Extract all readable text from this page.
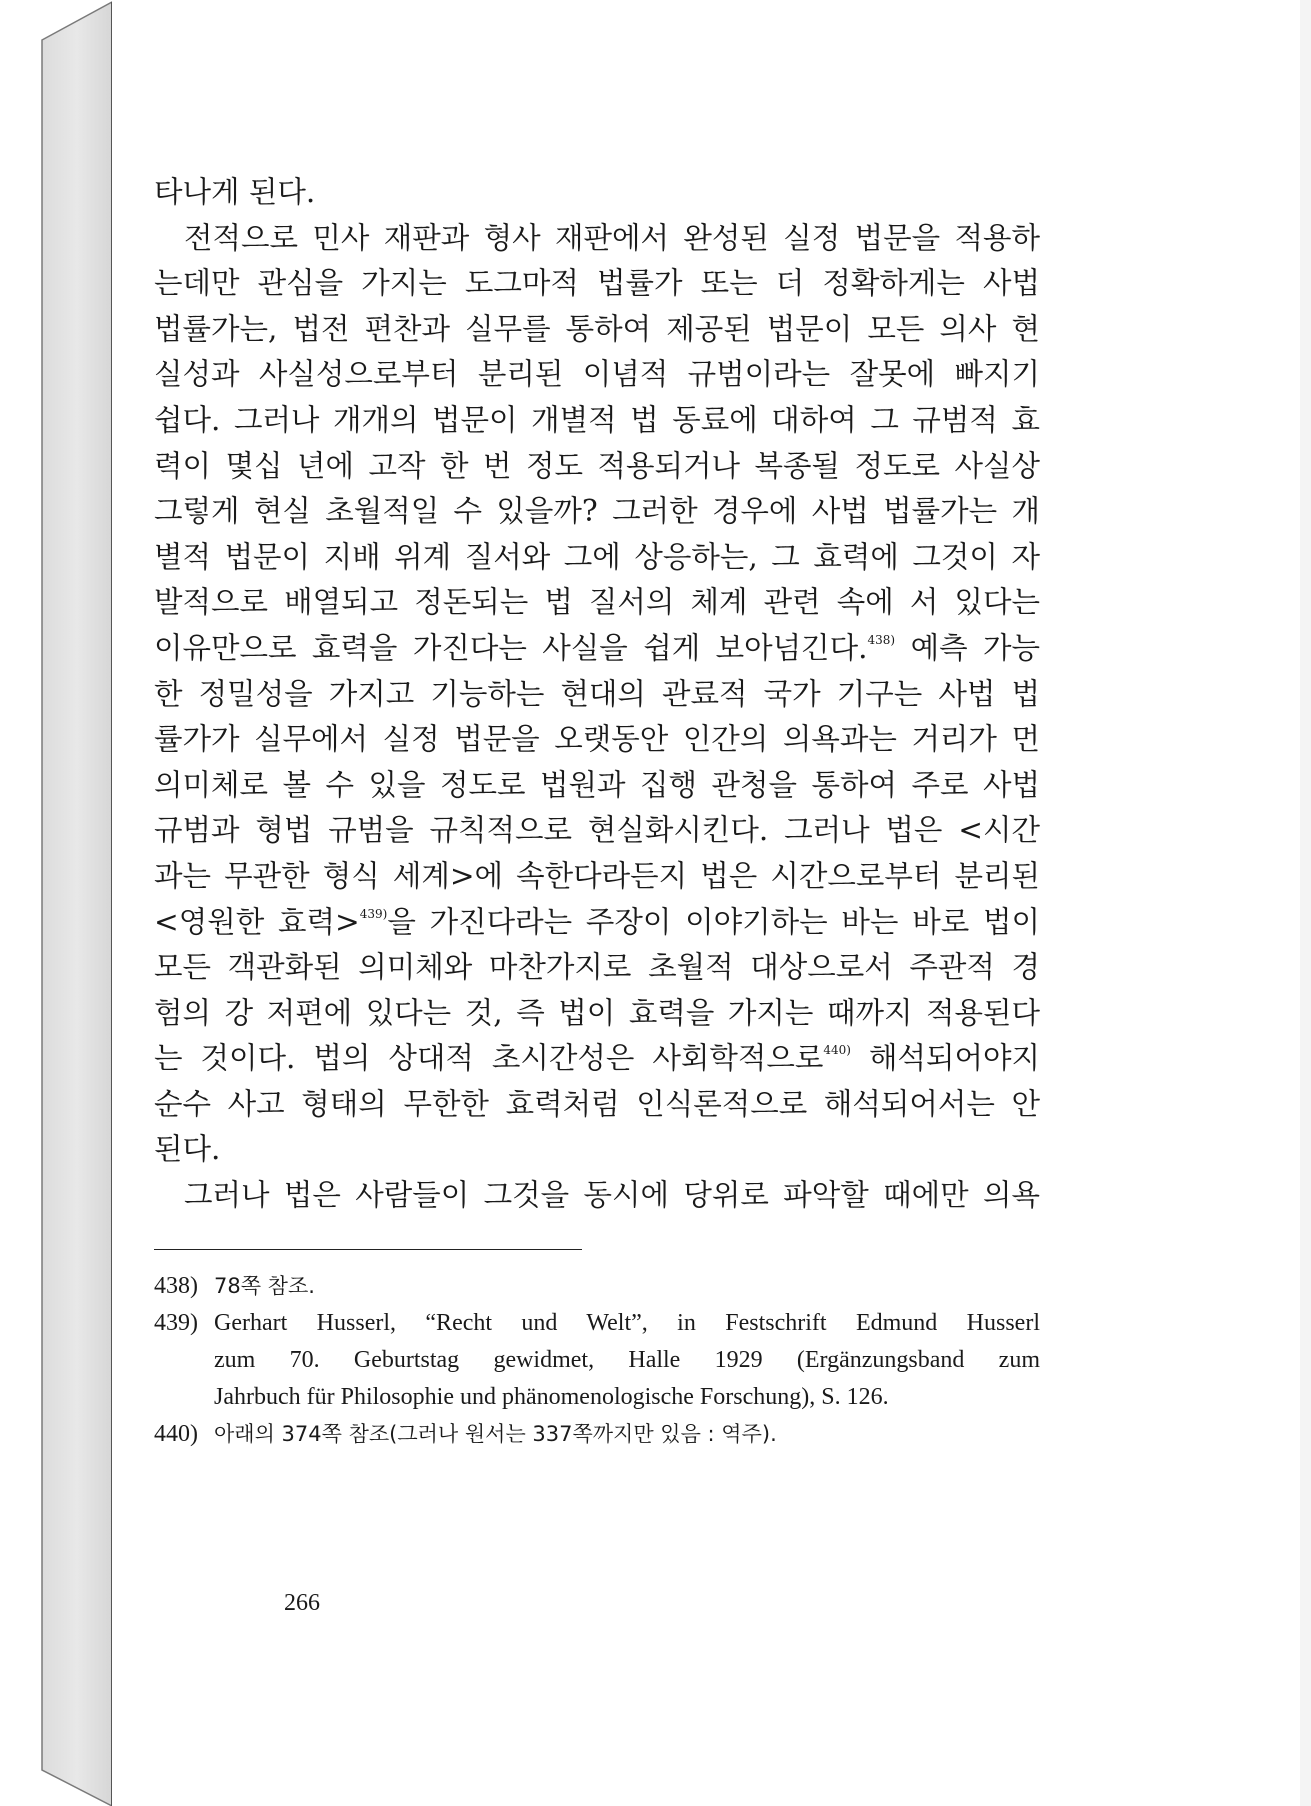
타나게 된다.

전적으로 민사 재판과 형사 재판에서 완성된 실정 법문을 적용하
는데만 관심을 가지는 도그마적 법률가 또는 더 정확하게는 사법
법률가는, 법전 편찬과 실무를 통하여 제공된 법문이 모든 의사 현
실성과 사실성으로부터 분리된 이념적 규범이라는 잘못에 빠지기
쉽다. 그러나 개개의 법문이 개별적 법 동료에 대하여 그 규범적 효
력이 몇십 년에 고작 한 번 정도 적용되거나 복종될 정도로 사실상
그렇게 현실 초월적일 수 있을까? 그러한 경우에 사법 법률가는 개
별적 법문이 지배 위계 질서와 그에 상응하는, 그 효력에 그것이 자
발적으로 배열되고 정돈되는 법 질서의 체계 관련 속에 서 있다는
이유만으로 효력을 가진다는 사실을 쉽게 보아넘긴다.$^{438)}$ 예측 가능
한 정밀성을 가지고 기능하는 현대의 관료적 국가 기구는 사법 법
률가가 실무에서 실정 법문을 오랫동안 인간의 의욕과는 거리가 먼
의미체로 볼 수 있을 정도로 법원과 집행 관청을 통하여 주로 사법
규범과 형법 규범을 규칙적으로 현실화시킨다. 그러나 법은 <시간
과는 무관한 형식 세계>에 속한다라든지 법은 시간으로부터 분리된
<영원한 효력>$^{439)}$을 가진다라는 주장이 이야기하는 바는 바로 법이
모든 객관화된 의미체와 마찬가지로 초월적 대상으로서 주관적 경
험의 강 저편에 있다는 것, 즉 법이 효력을 가지는 때까지 적용된다
는 것이다. 법의 상대적 초시간성은 사회학적으로$^{440)}$ 해석되어야지
순수 사고 형태의 무한한 효력처럼 인식론적으로 해석되어서는 안
된다.

그러나 법은 사람들이 그것을 동시에 당위로 파악할 때에만 의욕

438) 78쪽 참조.
439) Gerhart Husserl, “Recht und Welt”, in Festschrift Edmund Husserl
zum 70. Geburtstag gewidmet, Halle 1929 (Ergänzungsband zum
Jahrbuch für Philosophie und phänomenologische Forschung), S. 126.
440) 아래의 374쪽 참조(그러나 원서는 337쪽까지만 있음 : 역주).
266
